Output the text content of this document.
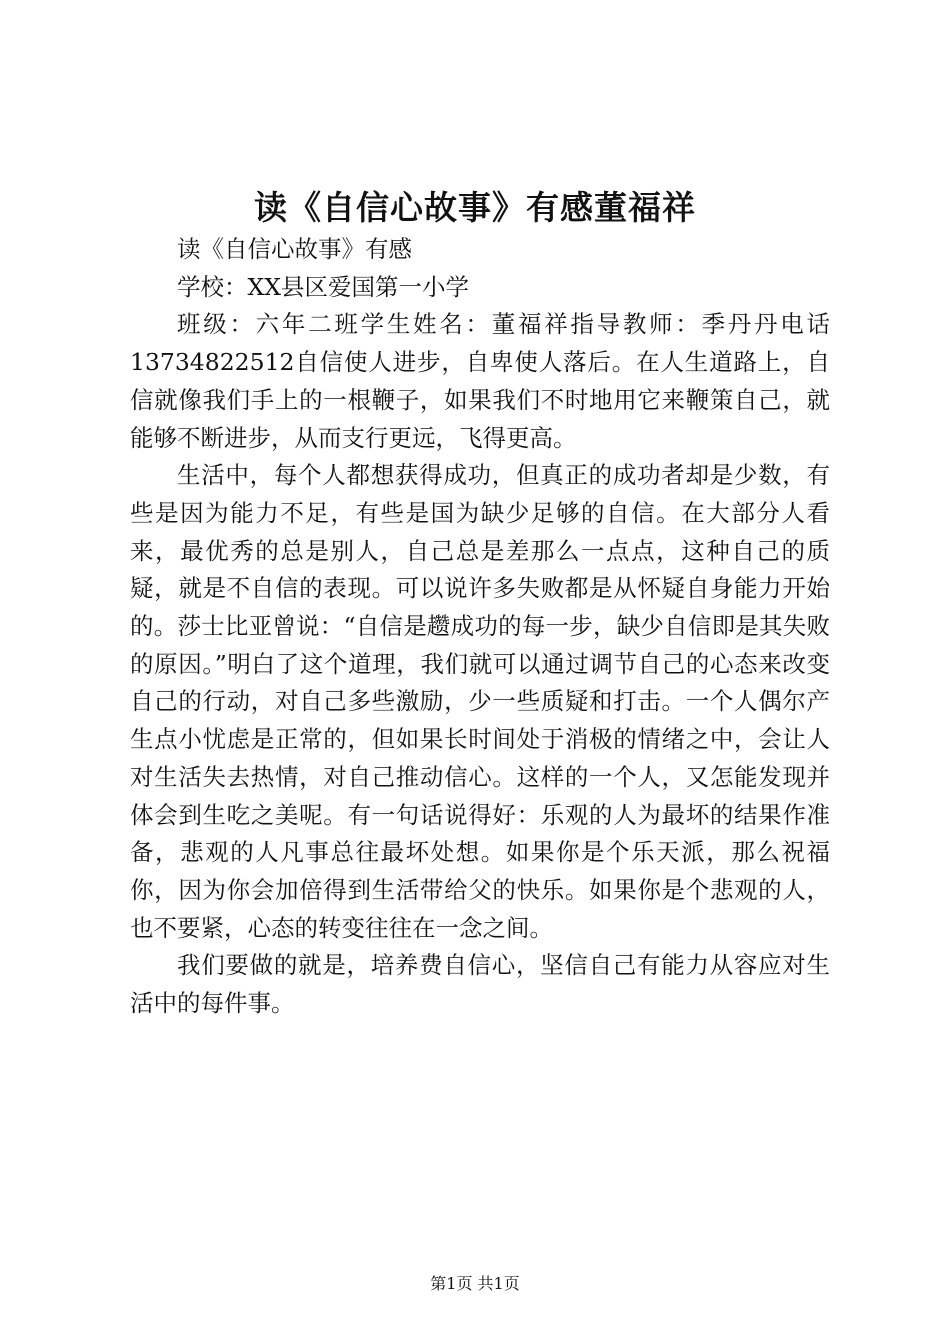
读《自信心故事》有感董福祥

读《自信心故事》有感

学校：XX县区爱国第一小学

班级：六年二班学生姓名：董福祥指导教师：季丹丹电话13734822512自信使人进步，自卑使人落后。在人生道路上，自信就像我们手上的一根鞭子，如果我们不时地用它来鞭策自己，就能够不断进步，从而支行更远，飞得更高。

生活中，每个人都想获得成功，但真正的成功者却是少数，有些是因为能力不足，有些是国为缺少足够的自信。在大部分人看来，最优秀的总是别人，自己总是差那么一点点，这种自己的质疑，就是不自信的表现。可以说许多失败都是从怀疑自身能力开始的。莎士比亚曾说：“自信是趱成功的每一步，缺少自信即是其失败的原因。”明白了这个道理，我们就可以通过调节自己的心态来改变自己的行动，对自己多些激励，少一些质疑和打击。一个人偶尔产生点小忧虑是正常的，但如果长时间处于消极的情绪之中，会让人对生活失去热情，对自己推动信心。这样的一个人，又怎能发现并体会到生吃之美呢。有一句话说得好：乐观的人为最坏的结果作准备，悲观的人凡事总往最坏处想。如果你是个乐天派，那么祝福你，因为你会加倍得到生活带给父的快乐。如果你是个悲观的人，也不要紧，心态的转变往往在一念之间。

我们要做的就是，培养费自信心，坚信自己有能力从容应对生活中的每件事。

第1页 共1页
